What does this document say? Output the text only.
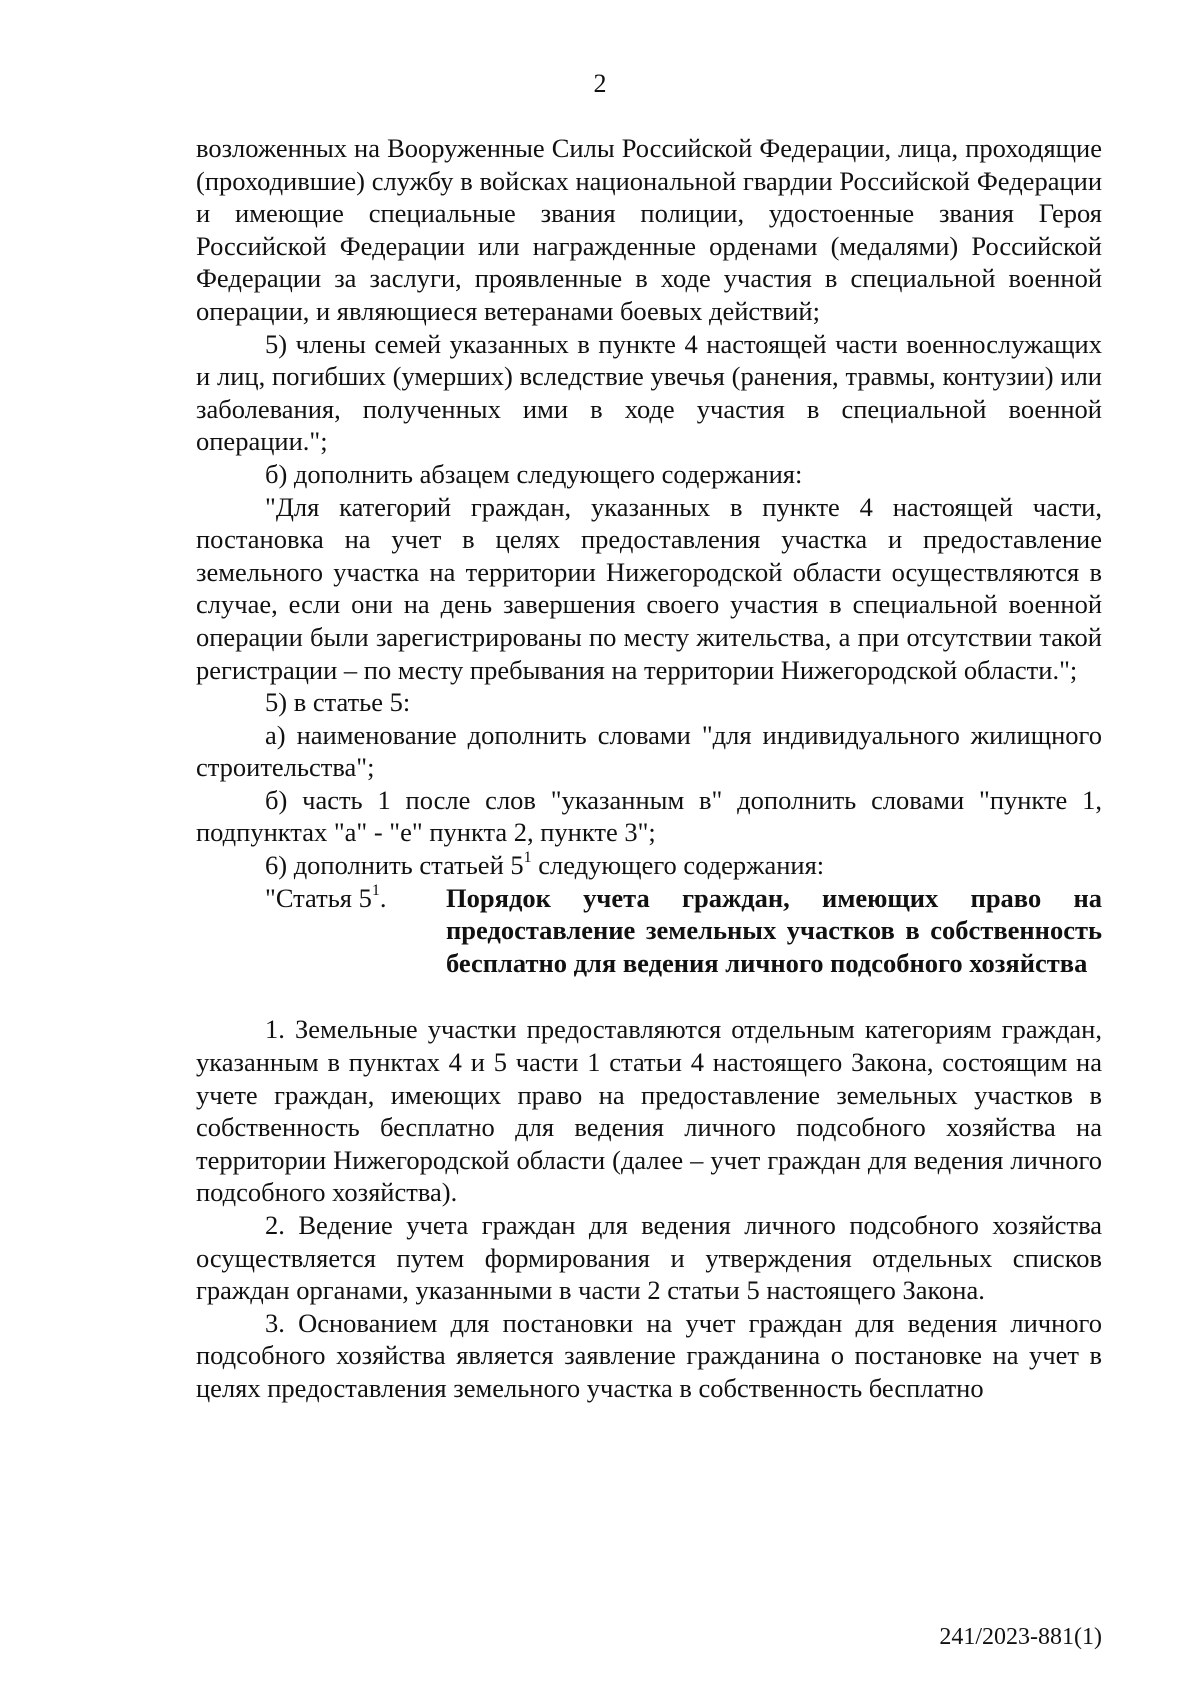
2

возложенных на Вооруженные Силы Российской Федерации, лица, проходящие (проходившие) службу в войсках национальной гвардии Российской Федерации и имеющие специальные звания полиции, удостоенные звания Героя Российской Федерации или награжденные орденами (медалями) Российской Федерации за заслуги, проявленные в ходе участия в специальной военной операции, и являющиеся ветеранами боевых действий;

5) члены семей указанных в пункте 4 настоящей части военнослужащих и лиц, погибших (умерших) вследствие увечья (ранения, травмы, контузии) или заболевания, полученных ими в ходе участия в специальной военной операции.";

б) дополнить абзацем следующего содержания:

"Для категорий граждан, указанных в пункте 4 настоящей части, постановка на учет в целях предоставления участка и предоставление земельного участка на территории Нижегородской области осуществляются в случае, если они на день завершения своего участия в специальной военной операции были зарегистрированы по месту жительства, а при отсутствии такой регистрации – по месту пребывания на территории Нижегородской области.";

5) в статье 5:

а) наименование дополнить словами "для индивидуального жилищного строительства";

б) часть 1 после слов "указанным в" дополнить словами "пункте 1, подпунктах "а" - "е" пункта 2, пункте 3";

6) дополнить статьей $5^1$ следующего содержания:

"Статья $5^1$.	Порядок учета граждан, имеющих право на предоставление земельных участков в собственность бесплатно для ведения личного подсобного хозяйства

1. Земельные участки предоставляются отдельным категориям граждан, указанным в пунктах 4 и 5 части 1 статьи 4 настоящего Закона, состоящим на учете граждан, имеющих право на предоставление земельных участков в собственность бесплатно для ведения личного подсобного хозяйства на территории Нижегородской области (далее – учет граждан для ведения личного подсобного хозяйства).

2. Ведение учета граждан для ведения личного подсобного хозяйства осуществляется путем формирования и утверждения отдельных списков граждан органами, указанными в части 2 статьи 5 настоящего Закона.

3. Основанием для постановки на учет граждан для ведения личного подсобного хозяйства является заявление гражданина о постановке на учет в целях предоставления земельного участка в собственность бесплатно

241/2023-881(1)
